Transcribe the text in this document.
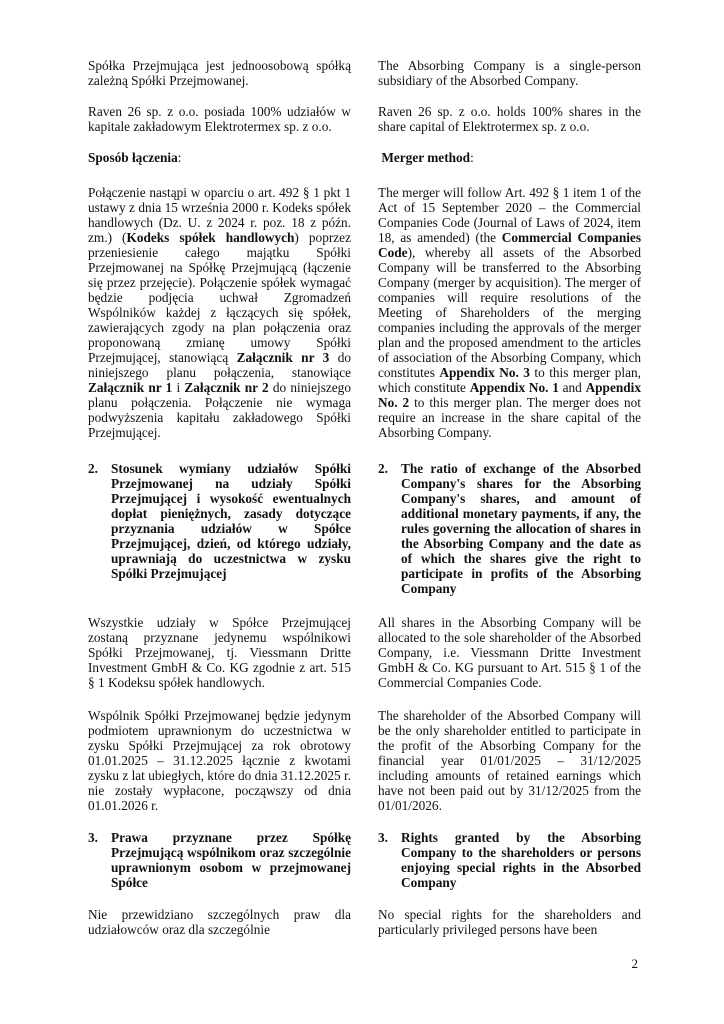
Spółka Przejmująca jest jednoosobową spółką zależną Spółki Przejmowanej.

Raven 26 sp. z o.o. posiada 100% udziałów w kapitale zakładowym Elektrotermex sp. z o.o.

Sposób łączenia:

Połączenie nastąpi w oparciu o art. 492 § 1 pkt 1 ustawy z dnia 15 września 2000 r. Kodeks spółek handlowych (Dz. U. z 2024 r. poz. 18 z późn. zm.) (Kodeks spółek handlowych) poprzez przeniesienie całego majątku Spółki Przejmowanej na Spółkę Przejmującą (łączenie się przez przejęcie). Połączenie spółek wymagać będzie podjęcia uchwał Zgromadzeń Wspólników każdej z łączących się spółek, zawierających zgody na plan połączenia oraz proponowaną zmianę umowy Spółki Przejmującej, stanowiącą Załącznik nr 3 do niniejszego planu połączenia, stanowiące Załącznik nr 1 i Załącznik nr 2 do niniejszego planu połączenia. Połączenie nie wymaga podwyższenia kapitału zakładowego Spółki Przejmującej.

2. Stosunek wymiany udziałów Spółki Przejmowanej na udziały Spółki Przejmującej i wysokość ewentualnych dopłat pieniężnych, zasady dotyczące przyznania udziałów w Spółce Przejmującej, dzień, od którego udziały, uprawniają do uczestnictwa w zysku Spółki Przejmującej

Wszystkie udziały w Spółce Przejmującej zostaną przyznane jedynemu wspólnikowi Spółki Przejmowanej, tj. Viessmann Dritte Investment GmbH & Co. KG zgodnie z art. 515 § 1 Kodeksu spółek handlowych.

Wspólnik Spółki Przejmowanej będzie jedynym podmiotem uprawnionym do uczestnictwa w zysku Spółki Przejmującej za rok obrotowy 01.01.2025 – 31.12.2025 łącznie z kwotami zysku z lat ubiegłych, które do dnia 31.12.2025 r. nie zostały wypłacone, począwszy od dnia 01.01.2026 r.

3. Prawa przyznane przez Spółkę Przejmującą wspólnikom oraz szczególnie uprawnionym osobom w przejmowanej Spółce

Nie przewidziano szczególnych praw dla udziałowców oraz dla szczególnie

The Absorbing Company is a single-person subsidiary of the Absorbed Company.

Raven 26 sp. z o.o. holds 100% shares in the share capital of Elektrotermex sp. z o.o.

Merger method:

The merger will follow Art. 492 § 1 item 1 of the Act of 15 September 2020 – the Commercial Companies Code (Journal of Laws of 2024, item 18, as amended) (the Commercial Companies Code), whereby all assets of the Absorbed Company will be transferred to the Absorbing Company (merger by acquisition). The merger of companies will require resolutions of the Meeting of Shareholders of the merging companies including the approvals of the merger plan and the proposed amendment to the articles of association of the Absorbing Company, which constitutes Appendix No. 3 to this merger plan, which constitute Appendix No. 1 and Appendix No. 2 to this merger plan. The merger does not require an increase in the share capital of the Absorbing Company.

2. The ratio of exchange of the Absorbed Company's shares for the Absorbing Company's shares, and amount of additional monetary payments, if any, the rules governing the allocation of shares in the Absorbing Company and the date as of which the shares give the right to participate in profits of the Absorbing Company

All shares in the Absorbing Company will be allocated to the sole shareholder of the Absorbed Company, i.e. Viessmann Dritte Investment GmbH & Co. KG pursuant to Art. 515 § 1 of the Commercial Companies Code.

The shareholder of the Absorbed Company will be the only shareholder entitled to participate in the profit of the Absorbing Company for the financial year 01/01/2025 – 31/12/2025 including amounts of retained earnings which have not been paid out by 31/12/2025 from the 01/01/2026.

3. Rights granted by the Absorbing Company to the shareholders or persons enjoying special rights in the Absorbed Company

No special rights for the shareholders and particularly privileged persons have been

2
